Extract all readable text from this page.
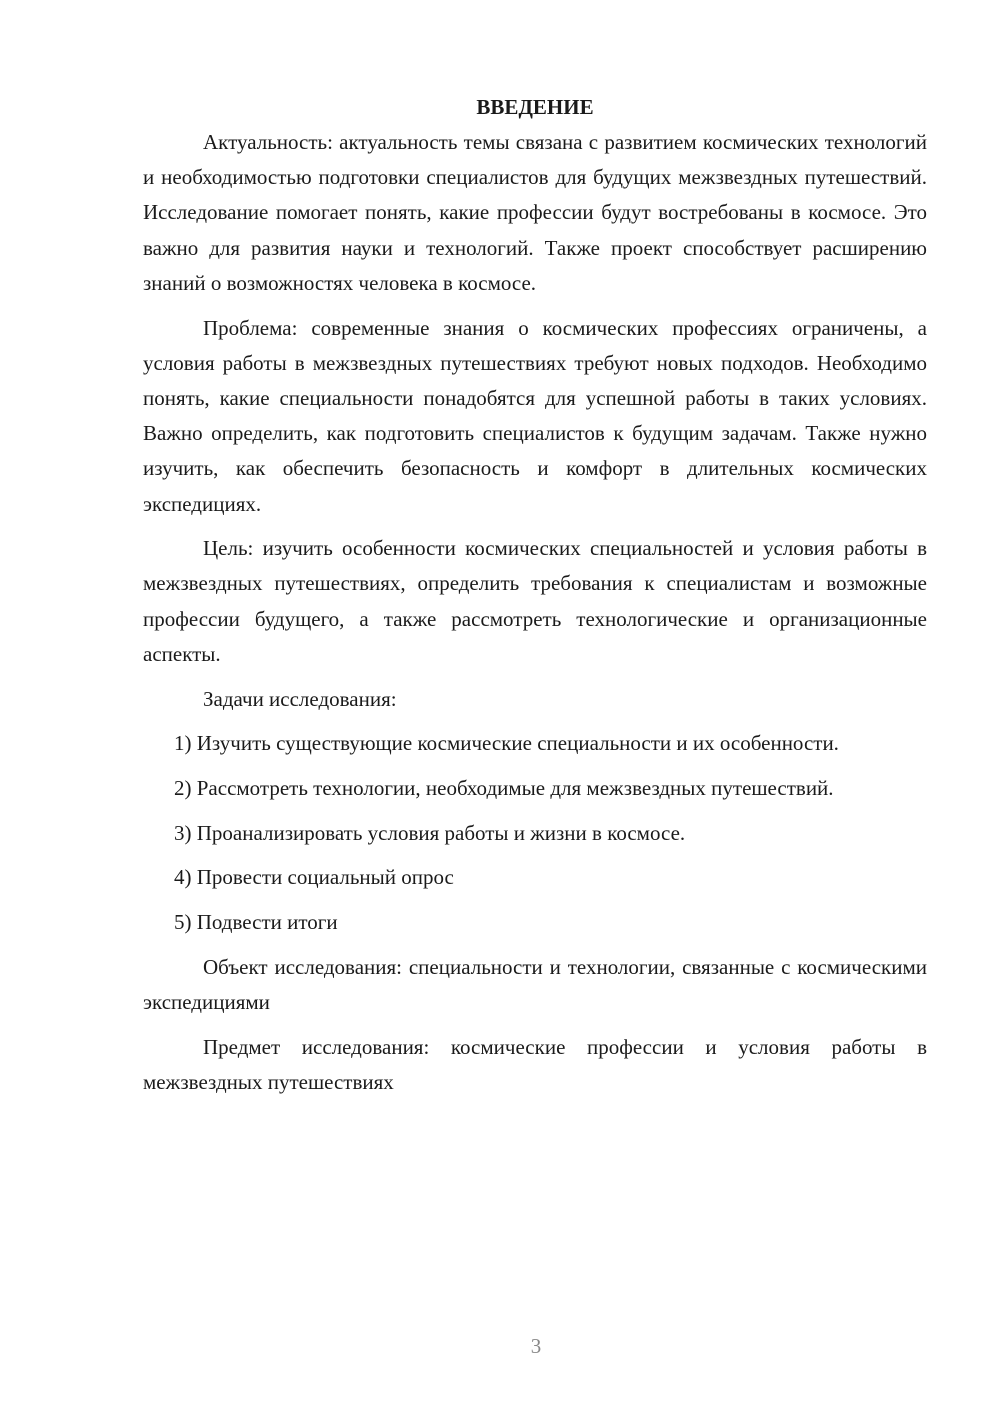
ВВЕДЕНИЕ

Актуальность: актуальность темы связана с развитием космических технологий и необходимостью подготовки специалистов для будущих межзвездных путешествий. Исследование помогает понять, какие профессии будут востребованы в космосе. Это важно для развития науки и технологий. Также проект способствует расширению знаний о возможностях человека в космосе.

Проблема: современные знания о космических профессиях ограничены, а условия работы в межзвездных путешествиях требуют новых подходов. Необходимо понять, какие специальности понадобятся для успешной работы в таких условиях. Важно определить, как подготовить специалистов к будущим задачам. Также нужно изучить, как обеспечить безопасность и комфорт в длительных космических экспедициях.

Цель: изучить особенности космических специальностей и условия работы в межзвездных путешествиях, определить требования к специалистам и возможные профессии будущего, а также рассмотреть технологические и организационные аспекты.

Задачи исследования:

1) Изучить существующие космические специальности и их особенности.

2) Рассмотреть технологии, необходимые для межзвездных путешествий.

3) Проанализировать условия работы и жизни в космосе.

4) Провести социальный опрос

5) Подвести итоги

Объект исследования: специальности и технологии, связанные с космическими экспедициями

Предмет исследования: космические профессии и условия работы в межзвездных путешествиях

3
